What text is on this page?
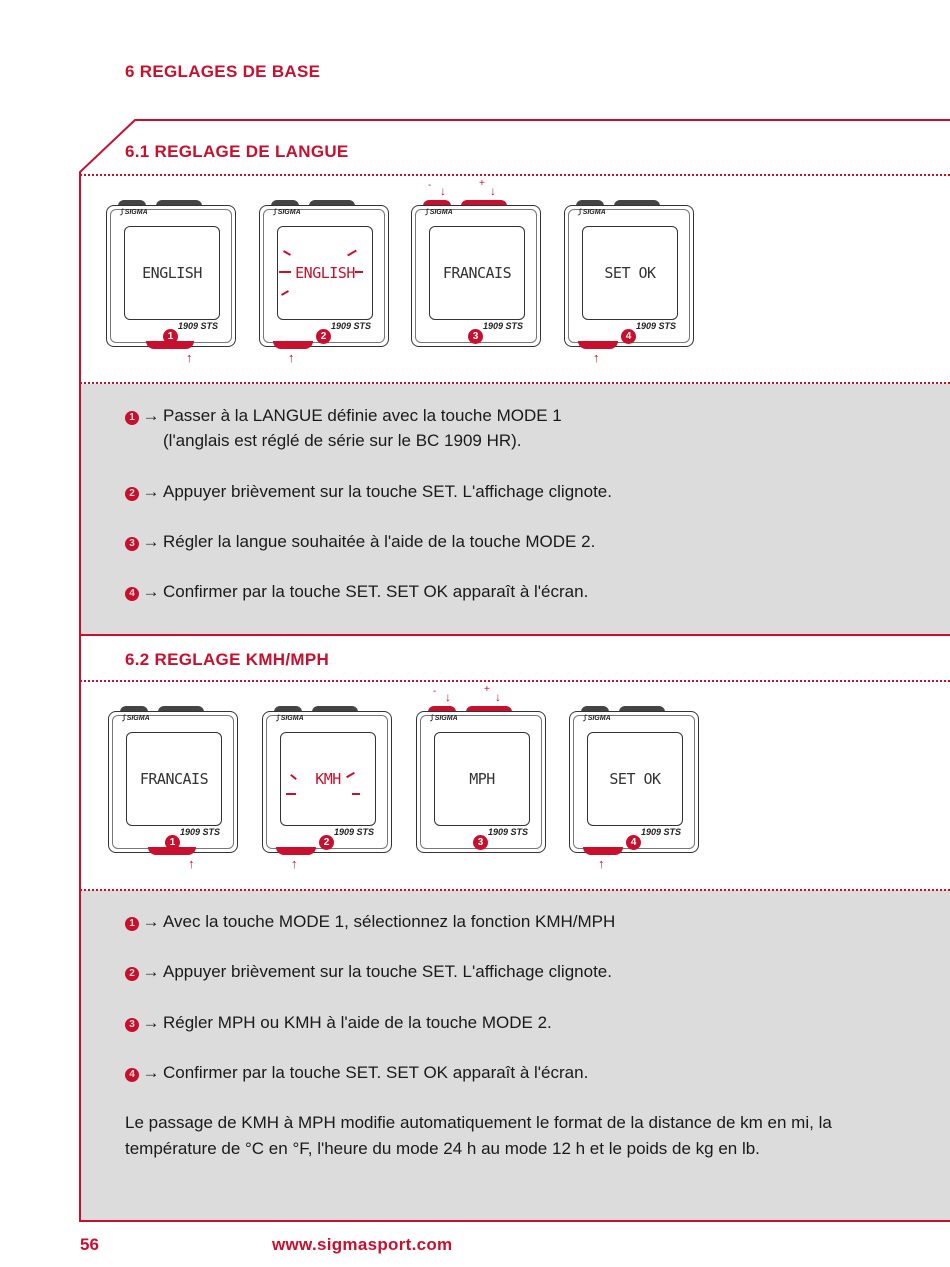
6 REGLAGES DE BASE
6.1 REGLAGE DE LANGUE
⟆ SIGMA
ENGLISH
1909 STS
1
↑
⟆ SIGMA
ENGLISH
1909 STS
2
↑
⟆ SIGMA
FRANCAIS
1909 STS
3
- ↓
+
↓
⟆ SIGMA
SET OK
1909 STS
4
↑
1 → Passer à la LANGUE définie avec la touche MODE 1
(l'anglais est réglé de série sur le BC 1909 HR).
2 → Appuyer brièvement sur la touche SET. L'affichage clignote.
3 → Régler la langue souhaitée à l'aide de la touche MODE 2.
4 → Confirmer par la touche SET. SET OK apparaît à l'écran.
6.2 REGLAGE KMH/MPH
⟆ SIGMA
FRANCAIS
1909 STS
1
↑
⟆ SIGMA
KMH
1909 STS
2
↑
⟆ SIGMA
MPH
1909 STS
3
- ↓
+
↓
⟆ SIGMA
SET OK
1909 STS
4
↑
1 → Avec la touche MODE 1, sélectionnez la fonction KMH/MPH
2 → Appuyer brièvement sur la touche SET. L'affichage clignote.
3 → Régler MPH ou KMH à l'aide de la touche MODE 2.
4 → Confirmer par la touche SET. SET OK apparaît à l'écran.
Le passage de KMH à MPH modifie automatiquement le format de la distance de km en mi, la température de °C en °F, l'heure du mode 24 h au mode 12 h et le poids de kg en lb.
56	www.sigmasport.com
